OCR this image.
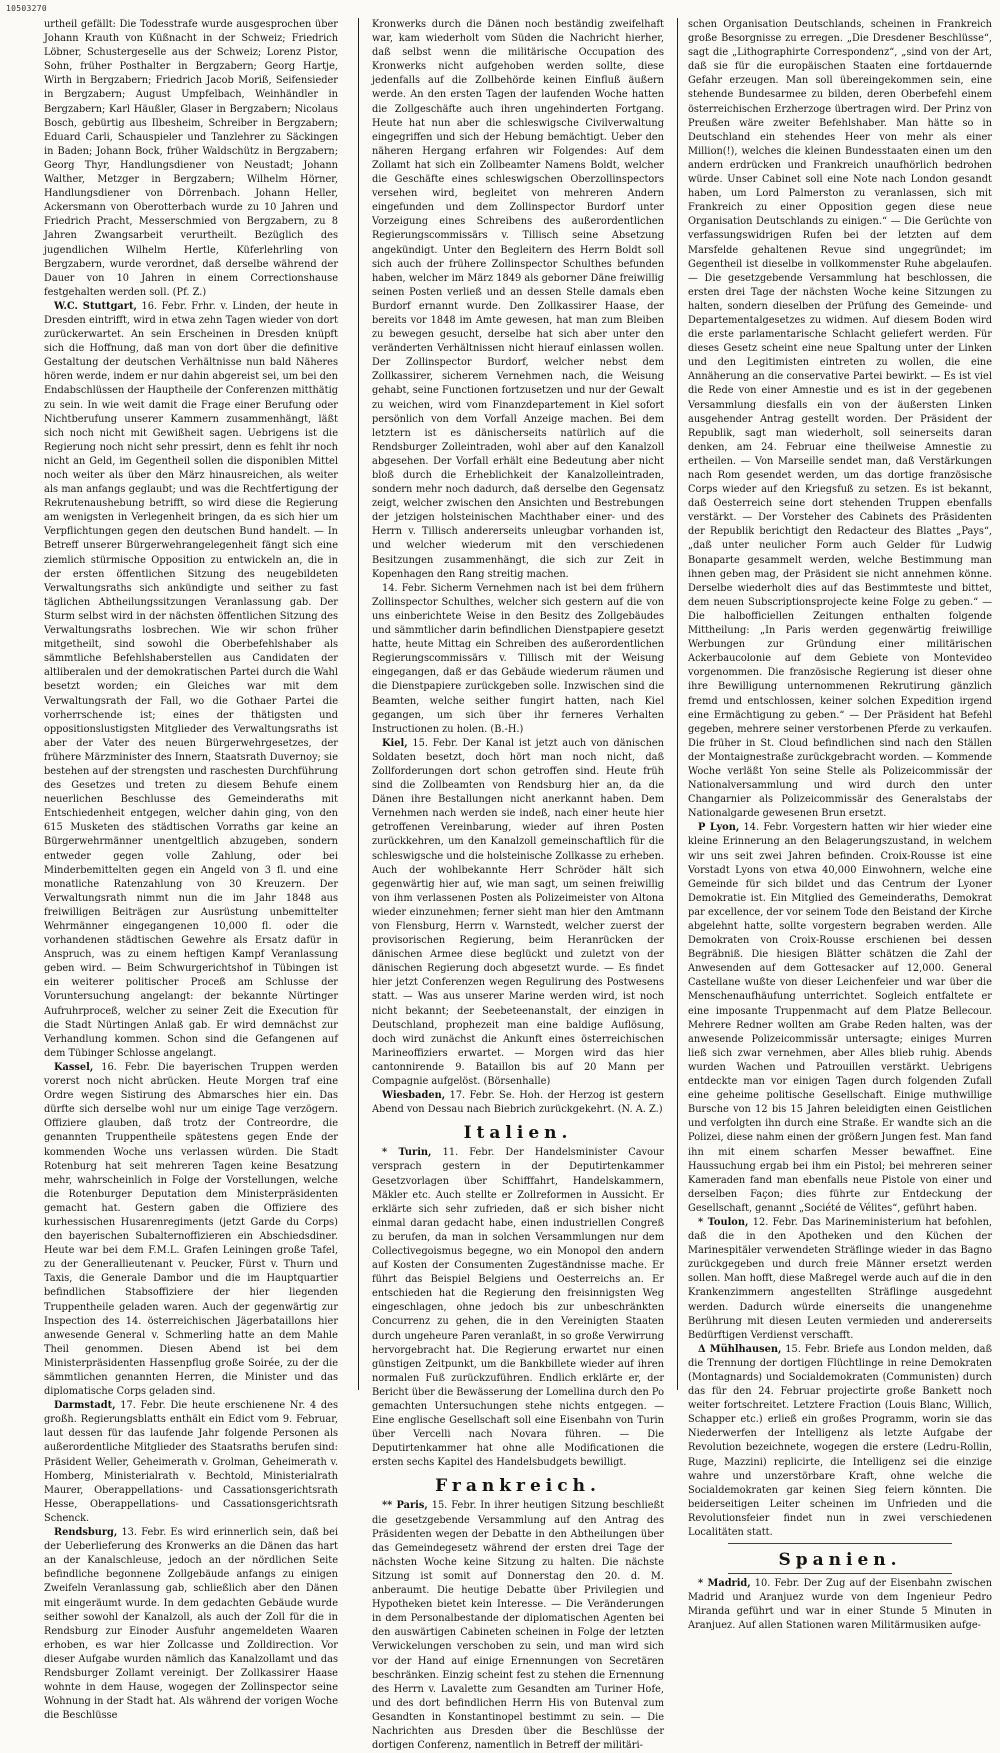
10503270

urtheil gefällt: Die Todesstrafe wurde ausgesprochen über Johann Krauth von Küßnacht in der Schweiz; Friedrich Löbner, Schustergeselle aus der Schweiz; Lorenz Pistor, Sohn, früher Posthalter in Bergzabern; Georg Hartje, Wirth in Bergzabern; Friedrich Jacob Moriß, Seifensieder in Bergzabern; August Umpfelbach, Weinhändler in Bergzabern; Karl Häußler, Glaser in Bergzabern; Nicolaus Bosch, gebürtig aus Ilbesheim, Schreiber in Bergzabern; Eduard Carli, Schauspieler und Tanzlehrer zu Säckingen in Baden; Johann Bock, früher Waldschütz in Bergzabern; Georg Thyr, Handlungsdiener von Neustadt; Johann Walther, Metzger in Bergzabern; Wilhelm Hörner, Handlungsdiener von Dörrenbach. Johann Heller, Ackersmann von Oberotterbach wurde zu 10 Jahren und Friedrich Pracht, Messerschmied von Bergzabern, zu 8 Jahren Zwangsarbeit verurtheilt. Bezüglich des jugendlichen Wilhelm Hertle, Küferlehrling von Bergzabern, wurde verordnet, daß derselbe während der Dauer von 10 Jahren in einem Correctionshause festgehalten werden soll. (Pf. Z.)

W.C. Stuttgart, 16. Febr. Frhr. v. Linden, der heute in Dresden eintrifft, wird in etwa zehn Tagen wieder von dort zurückerwartet. An sein Erscheinen in Dresden knüpft sich die Hoffnung, daß man von dort über die definitive Gestaltung der deutschen Verhältnisse nun bald Näheres hören werde, indem er nur dahin abgereist sei, um bei den Endabschlüssen der Hauptheile der Conferenzen mitthätig zu sein. In wie weit damit die Frage einer Berufung oder Nichtberufung unserer Kammern zusammenhängt, läßt sich noch nicht mit Gewißheit sagen. Uebrigens ist die Regierung noch nicht sehr pressirt, denn es fehlt ihr noch nicht an Geld, im Gegentheil sollen die disponiblen Mittel noch weiter als über den März hinausreichen, als weiter als man anfangs geglaubt; und was die Rechtfertigung der Rekrutenaushebung betrifft, so wird diese die Regierung am wenigsten in Verlegenheit bringen, da es sich hier um Verpflichtungen gegen den deutschen Bund handelt. — In Betreff unserer Bürgerwehrangelegenheit fängt sich eine ziemlich stürmische Opposition zu entwickeln an, die in der ersten öffentlichen Sitzung des neugebildeten Verwaltungsraths sich ankündigte und seither zu fast täglichen Abtheilungssitzungen Veranlassung gab. Der Sturm selbst wird in der nächsten öffentlichen Sitzung des Verwaltungsraths losbrechen. Wie wir schon früher mitgetheilt, sind sowohl die Oberbefehlshaber als sämmtliche Befehlshaberstellen aus Candidaten der altliberalen und der demokratischen Partei durch die Wahl besetzt worden; ein Gleiches war mit dem Verwaltungsrath der Fall, wo die Gothaer Partei die vorherrschende ist; eines der thätigsten und oppositionslustigsten Mitglieder des Verwaltungsraths ist aber der Vater des neuen Bürgerwehrgesetzes, der frühere Märzminister des Innern, Staatsrath Duvernoy; sie bestehen auf der strengsten und raschesten Durchführung des Gesetzes und treten zu diesem Behufe einem neuerlichen Beschlusse des Gemeinderaths mit Entschiedenheit entgegen, welcher dahin ging, von den 615 Musketen des städtischen Vorraths gar keine an Bürgerwehrmänner unentgeltlich abzugeben, sondern entweder gegen volle Zahlung, oder bei Minderbemittelten gegen ein Angeld von 3 fl. und eine monatliche Ratenzahlung von 30 Kreuzern. Der Verwaltungsrath nimmt nun die im Jahr 1848 aus freiwilligen Beiträgen zur Ausrüstung unbemittelter Wehrmänner eingegangenen 10,000 fl. oder die vorhandenen städtischen Gewehre als Ersatz dafür in Anspruch, was zu einem heftigen Kampf Veranlassung geben wird. — Beim Schwurgerichtshof in Tübingen ist ein weiterer politischer Proceß am Schlusse der Voruntersuchung angelangt: der bekannte Nürtinger Aufruhrproceß, welcher zu seiner Zeit die Execution für die Stadt Nürtingen Anlaß gab. Er wird demnächst zur Verhandlung kommen. Schon sind die Gefangenen auf dem Tübinger Schlosse angelangt.

Kassel, 16. Febr. Die bayerischen Truppen werden vorerst noch nicht abrücken. Heute Morgen traf eine Ordre wegen Sistirung des Abmarsches hier ein. Das dürfte sich derselbe wohl nur um einige Tage verzögern. Offiziere glauben, daß trotz der Contreordre, die genannten Truppentheile spätestens gegen Ende der kommenden Woche uns verlassen würden. Die Stadt Rotenburg hat seit mehreren Tagen keine Besatzung mehr, wahrscheinlich in Folge der Vorstellungen, welche die Rotenburger Deputation dem Ministerpräsidenten gemacht hat. Gestern gaben die Offiziere des kurhessischen Husarenregiments (jetzt Garde du Corps) den bayerischen Subalternoffizieren ein Abschiedsdiner. Heute war bei dem F.M.L. Grafen Leiningen große Tafel, zu der Generallieutenant v. Peucker, Fürst v. Thurn und Taxis, die Generale Dambor und die im Hauptquartier befindlichen Stabsoffiziere der hier liegenden Truppentheile geladen waren. Auch der gegenwärtig zur Inspection des 14. österreichischen Jägerbataillons hier anwesende General v. Schmerling hatte an dem Mahle Theil genommen. Diesen Abend ist bei dem Ministerpräsidenten Hassenpflug große Soirée, zu der die sämmtlichen genannten Herren, die Minister und das diplomatische Corps geladen sind.

Darmstadt, 17. Febr. Die heute erschienene Nr. 4 des großh. Regierungsblatts enthält ein Edict vom 9. Februar, laut dessen für das laufende Jahr folgende Personen als außerordentliche Mitglieder des Staatsraths berufen sind: Präsident Weller, Geheimerath v. Grolman, Geheimerath v. Homberg, Ministerialrath v. Bechtold, Ministerialrath Maurer, Oberappellations- und Cassationsgerichtsrath Hesse, Oberappellations- und Cassationsgerichtsrath Schenck.

Rendsburg, 13. Febr. Es wird erinnerlich sein, daß bei der Ueberlieferung des Kronwerks an die Dänen das hart an der Kanalschleuse, jedoch an der nördlichen Seite befindliche begonnene Zollgebäude anfangs zu einigen Zweifeln Veranlassung gab, schließlich aber den Dänen mit eingeräumt wurde. In dem gedachten Gebäude wurde seither sowohl der Kanalzoll, als auch der Zoll für die in Rendsburg zur Einoder Ausfuhr angemeldeten Waaren erhoben, es war hier Zollcasse und Zolldirection. Vor dieser Aufgabe wurden nämlich das Kanalzollamt und das Rendsburger Zollamt vereinigt. Der Zollkassirer Haase wohnte in dem Hause, wogegen der Zollinspector seine Wohnung in der Stadt hat. Als während der vorigen Woche die Beschlüsse

Kronwerks durch die Dänen noch beständig zweifelhaft war, kam wiederholt vom Süden die Nachricht hierher, daß selbst wenn die militärische Occupation des Kronwerks nicht aufgehoben werden sollte, diese jedenfalls auf die Zollbehörde keinen Einfluß äußern werde. An den ersten Tagen der laufenden Woche hatten die Zollgeschäfte auch ihren ungehinderten Fortgang. Heute hat nun aber die schleswigsche Civilverwaltung eingegriffen und sich der Hebung bemächtigt. Ueber den näheren Hergang erfahren wir Folgendes: Auf dem Zollamt hat sich ein Zollbeamter Namens Boldt, welcher die Geschäfte eines schleswigschen Oberzollinspectors versehen wird, begleitet von mehreren Andern eingefunden und dem Zollinspector Burdorf unter Vorzeigung eines Schreibens des außerordentlichen Regierungscommissärs v. Tillisch seine Absetzung angekündigt. Unter den Begleitern des Herrn Boldt soll sich auch der frühere Zollinspector Schulthes befunden haben, welcher im März 1849 als geborner Däne freiwillig seinen Posten verließ und an dessen Stelle damals eben Burdorf ernannt wurde. Den Zollkassirer Haase, der bereits vor 1848 im Amte gewesen, hat man zum Bleiben zu bewegen gesucht, derselbe hat sich aber unter den veränderten Verhältnissen nicht hierauf einlassen wollen. Der Zollinspector Burdorf, welcher nebst dem Zollkassirer, sicherem Vernehmen nach, die Weisung gehabt, seine Functionen fortzusetzen und nur der Gewalt zu weichen, wird vom Finanzdepartement in Kiel sofort persönlich von dem Vorfall Anzeige machen. Bei dem letztern ist es dänischerseits natürlich auf die Rendsburger Zolleintraden, wohl aber auf den Kanalzoll abgesehen. Der Vorfall erhält eine Bedeutung aber nicht bloß durch die Erheblichkeit der Kanalzolleintraden, sondern mehr noch dadurch, daß derselbe den Gegensatz zeigt, welcher zwischen den Ansichten und Bestrebungen der jetzigen holsteinischen Machthaber einer- und des Herrn v. Tillisch andererseits unleugbar vorhanden ist, und welcher wiederum mit den verschiedenen Besitzungen zusammenhängt, die sich zur Zeit in Kopenhagen den Rang streitig machen.

14. Febr. Sicherm Vernehmen nach ist bei dem frühern Zollinspector Schulthes, welcher sich gestern auf die von uns einberichtete Weise in den Besitz des Zollgebäudes und sämmtlicher darin befindlichen Dienstpapiere gesetzt hatte, heute Mittag ein Schreiben des außerordentlichen Regierungscommissärs v. Tillisch mit der Weisung eingegangen, daß er das Gebäude wiederum räumen und die Dienstpapiere zurückgeben solle. Inzwischen sind die Beamten, welche seither fungirt hatten, nach Kiel gegangen, um sich über ihr ferneres Verhalten Instructionen zu holen. (B.-H.)

Kiel, 15. Febr. Der Kanal ist jetzt auch von dänischen Soldaten besetzt, doch hört man noch nicht, daß Zollforderungen dort schon getroffen sind. Heute früh sind die Zollbeamten von Rendsburg hier an, da die Dänen ihre Bestallungen nicht anerkannt haben. Dem Vernehmen nach werden sie indeß, nach einer heute hier getroffenen Vereinbarung, wieder auf ihren Posten zurückkehren, um den Kanalzoll gemeinschaftlich für die schleswigsche und die holsteinische Zollkasse zu erheben. Auch der wohlbekannte Herr Schröder hält sich gegenwärtig hier auf, wie man sagt, um seinen freiwillig von ihm verlassenen Posten als Polizeimeister von Altona wieder einzunehmen; ferner sieht man hier den Amtmann von Flensburg, Herrn v. Warnstedt, welcher zuerst der provisorischen Regierung, beim Heranrücken der dänischen Armee diese beglückt und zuletzt von der dänischen Regierung doch abgesetzt wurde. — Es findet hier jetzt Conferenzen wegen Regulirung des Postwesens statt. — Was aus unserer Marine werden wird, ist noch nicht bekannt; der Seebeteenanstalt, der einzigen in Deutschland, prophezeit man eine baldige Auflösung, doch wird zunächst die Ankunft eines österreichischen Marineoffiziers erwartet. — Morgen wird das hier cantonnirende 9. Bataillon bis auf 20 Mann per Compagnie aufgelöst. (Börsenhalle)

Wiesbaden, 17. Febr. Se. Hoh. der Herzog ist gestern Abend von Dessau nach Biebrich zurückgekehrt. (N. A. Z.)

Italien.

* Turin, 11. Febr. Der Handelsminister Cavour versprach gestern in der Deputirtenkammer Gesetzvorlagen über Schifffahrt, Handelskammern, Mäkler etc. Auch stellte er Zollreformen in Aussicht. Er erklärte sich sehr zufrieden, daß er sich bisher nicht einmal daran gedacht habe, einen industriellen Congreß zu berufen, da man in solchen Versammlungen nur dem Collectivegoismus begegne, wo ein Monopol den andern auf Kosten der Consumenten Zugeständnisse mache. Er führt das Beispiel Belgiens und Oesterreichs an. Er entschieden hat die Regierung den freisinnigsten Weg eingeschlagen, ohne jedoch bis zur unbeschränkten Concurrenz zu gehen, die in den Vereinigten Staaten durch ungeheure Paren veranlaßt, in so große Verwirrung hervorgebracht hat. Die Regierung erwartet nur einen günstigen Zeitpunkt, um die Bankbillete wieder auf ihren normalen Fuß zurückzuführen. Endlich erklärte er, der Bericht über die Bewässerung der Lomellina durch den Po gemachten Untersuchungen stehe nichts entgegen. — Eine englische Gesellschaft soll eine Eisenbahn von Turin über Vercelli nach Novara führen. — Die Deputirtenkammer hat ohne alle Modificationen die ersten sechs Kapitel des Handelsbudgets bewilligt.

Frankreich.

** Paris, 15. Febr. In ihrer heutigen Sitzung beschließt die gesetzgebende Versammlung auf den Antrag des Präsidenten wegen der Debatte in den Abtheilungen über das Gemeindegesetz während der ersten drei Tage der nächsten Woche keine Sitzung zu halten. Die nächste Sitzung ist somit auf Donnerstag den 20. d. M. anberaumt. Die heutige Debatte über Privilegien und Hypotheken bietet kein Interesse. — Die Veränderungen in dem Personalbestande der diplomatischen Agenten bei den auswärtigen Cabineten scheinen in Folge der letzten Verwickelungen verschoben zu sein, und man wird sich vor der Hand auf einige Ernennungen von Secretären beschränken. Einzig scheint fest zu stehen die Ernennung des Herrn v. Lavalette zum Gesandten am Turiner Hofe, und des dort befindlichen Herrn His von Butenval zum Gesandten in Konstantinopel bestimmt zu sein. — Die Nachrichten aus Dresden über die Beschlüsse der dortigen Conferenz, namentlich in Betreff der militäri-

schen Organisation Deutschlands, scheinen in Frankreich große Besorgnisse zu erregen. „Die Dresdener Beschlüsse“, sagt die „Lithographirte Correspondenz“, „sind von der Art, daß sie für die europäischen Staaten eine fortdauernde Gefahr erzeugen. Man soll übereingekommen sein, eine stehende Bundesarmee zu bilden, deren Oberbefehl einem österreichischen Erzherzoge übertragen wird. Der Prinz von Preußen wäre zweiter Befehlshaber. Man hätte so in Deutschland ein stehendes Heer von mehr als einer Million(!), welches die kleinen Bundesstaaten einen um den andern erdrücken und Frankreich unaufhörlich bedrohen würde. Unser Cabinet soll eine Note nach London gesandt haben, um Lord Palmerston zu veranlassen, sich mit Frankreich zu einer Opposition gegen diese neue Organisation Deutschlands zu einigen.“ — Die Gerüchte von verfassungswidrigen Rufen bei der letzten auf dem Marsfelde gehaltenen Revue sind ungegründet; im Gegentheil ist dieselbe in vollkommenster Ruhe abgelaufen. — Die gesetzgebende Versammlung hat beschlossen, die ersten drei Tage der nächsten Woche keine Sitzungen zu halten, sondern dieselben der Prüfung des Gemeinde- und Departementalgesetzes zu widmen. Auf diesem Boden wird die erste parlamentarische Schlacht geliefert werden. Für dieses Gesetz scheint eine neue Spaltung unter der Linken und den Legitimisten eintreten zu wollen, die eine Annäherung an die conservative Partei bewirkt. — Es ist viel die Rede von einer Amnestie und es ist in der gegebenen Versammlung diesfalls ein von der äußersten Linken ausgehender Antrag gestellt worden. Der Präsident der Republik, sagt man wiederholt, soll seinerseits daran denken, am 24. Februar eine theilweise Amnestie zu ertheilen. — Von Marseille sendet man, daß Verstärkungen nach Rom gesendet werden, um das dortige französische Corps wieder auf den Kriegsfuß zu setzen. Es ist bekannt, daß Oesterreich seine dort stehenden Truppen ebenfalls verstärkt. — Der Vorsteher des Cabinets des Präsidenten der Republik berichtigt den Redacteur des Blattes „Pays“, „daß unter neulicher Form auch Gelder für Ludwig Bonaparte gesammelt werden, welche Bestimmung man ihnen geben mag, der Präsident sie nicht annehmen könne. Derselbe wiederholt dies auf das Bestimmteste und bittet, dem neuen Subscriptionsprojecte keine Folge zu geben.“ — Die halbofficiellen Zeitungen enthalten folgende Mittheilung: „In Paris werden gegenwärtig freiwillige Werbungen zur Gründung einer militärischen Ackerbaucolonie auf dem Gebiete von Montevideo vorgenommen. Die französische Regierung ist dieser ohne ihre Bewilligung unternommenen Rekrutirung gänzlich fremd und entschlossen, keiner solchen Expedition irgend eine Ermächtigung zu geben.“ — Der Präsident hat Befehl gegeben, mehrere seiner verstorbenen Pferde zu verkaufen. Die früher in St. Cloud befindlichen sind nach den Ställen der Montaignestraße zurückgebracht worden. — Kommende Woche verläßt Yon seine Stelle als Polizeicommissär der Nationalversammlung und wird durch den unter Changarnier als Polizeicommissär des Generalstabs der Nationalgarde gewesenen Brun ersetzt.

P Lyon, 14. Febr. Vorgestern hatten wir hier wieder eine kleine Erinnerung an den Belagerungszustand, in welchem wir uns seit zwei Jahren befinden. Croix-Rousse ist eine Vorstadt Lyons von etwa 40,000 Einwohnern, welche eine Gemeinde für sich bildet und das Centrum der Lyoner Demokratie ist. Ein Mitglied des Gemeinderaths, Demokrat par excellence, der vor seinem Tode den Beistand der Kirche abgelehnt hatte, sollte vorgestern begraben werden. Alle Demokraten von Croix-Rousse erschienen bei dessen Begräbniß. Die hiesigen Blätter schätzen die Zahl der Anwesenden auf dem Gottesacker auf 12,000. General Castellane wußte von dieser Leichenfeier und war über die Menschenaufhäufung unterrichtet. Sogleich entfaltete er eine imposante Truppenmacht auf dem Platze Bellecour. Mehrere Redner wollten am Grabe Reden halten, was der anwesende Polizeicommissär untersagte; einiges Murren ließ sich zwar vernehmen, aber Alles blieb ruhig. Abends wurden Wachen und Patrouillen verstärkt. Uebrigens entdeckte man vor einigen Tagen durch folgenden Zufall eine geheime politische Gesellschaft. Einige muthwillige Bursche von 12 bis 15 Jahren beleidigten einen Geistlichen und verfolgten ihn durch eine Straße. Er wandte sich an die Polizei, diese nahm einen der größern Jungen fest. Man fand ihn mit einem scharfen Messer bewaffnet. Eine Haussuchung ergab bei ihm ein Pistol; bei mehreren seiner Kameraden fand man ebenfalls neue Pistole von einer und derselben Façon; dies führte zur Entdeckung der Gesellschaft, genannt „Société de Vélites“, geführt haben.

* Toulon, 12. Febr. Das Marineministerium hat befohlen, daß die in den Apotheken und den Küchen der Marinespitäler verwendeten Sträflinge wieder in das Bagno zurückgegeben und durch freie Männer ersetzt werden sollen. Man hofft, diese Maßregel werde auch auf die in den Krankenzimmern angestellten Sträflinge ausgedehnt werden. Dadurch würde einerseits die unangenehme Berührung mit diesen Leuten vermieden und andererseits Bedürftigen Verdienst verschafft.

Δ Mühlhausen, 15. Febr. Briefe aus London melden, daß die Trennung der dortigen Flüchtlinge in reine Demokraten (Montagnards) und Socialdemokraten (Communisten) durch das für den 24. Februar projectirte große Bankett noch weiter fortschreitet. Letztere Fraction (Louis Blanc, Willich, Schapper etc.) erließ ein großes Programm, worin sie das Niederwerfen der Intelligenz als letzte Aufgabe der Revolution bezeichnete, wogegen die erstere (Ledru-Rollin, Ruge, Mazzini) replicirte, die Intelligenz sei die einzige wahre und unzerstörbare Kraft, ohne welche die Socialdemokraten gar keinen Sieg feiern könnten. Die beiderseitigen Leiter scheinen im Unfrieden und die Revolutionsfeier findet nun in zwei verschiedenen Localitäten statt.

Spanien.

* Madrid, 10. Febr. Der Zug auf der Eisenbahn zwischen Madrid und Aranjuez wurde von dem Ingenieur Pedro Miranda geführt und war in einer Stunde 5 Minuten in Aranjuez. Auf allen Stationen waren Militärmusiken aufge-
